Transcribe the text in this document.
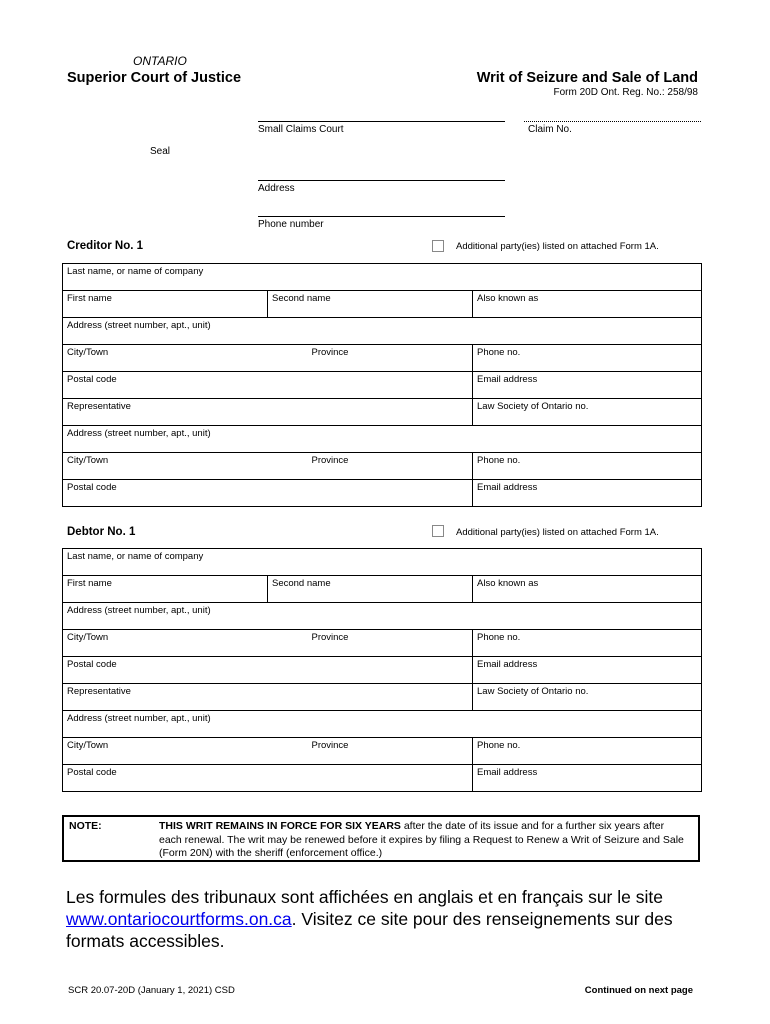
ONTARIO
Superior Court of Justice	Writ of Seizure and Sale of Land
Form 20D Ont. Reg. No.: 258/98
Small Claims Court	Claim No.
Seal
Address
Phone number
Creditor No. 1	Additional party(ies) listed on attached Form 1A.
Last name, or name of company		
First name	Second name	Also known as
Address (street number, apt., unit)		
City/Town	Province	Phone no.
Postal code		Email address
Representative		Law Society of Ontario no.
Address (street number, apt., unit)		
City/Town	Province	Phone no.
Postal code		Email address
Debtor No. 1	Additional party(ies) listed on attached Form 1A.
Last name, or name of company		
First name	Second name	Also known as
Address (street number, apt., unit)		
City/Town	Province	Phone no.
Postal code		Email address
Representative		Law Society of Ontario no.
Address (street number, apt., unit)		
City/Town	Province	Phone no.
Postal code		Email address
NOTE:	THIS WRIT REMAINS IN FORCE FOR SIX YEARS after the date of its issue and for a further six years after each renewal. The writ may be renewed before it expires by filing a Request to Renew a Writ of Seizure and Sale (Form 20N) with the sheriff (enforcement office.)
Les formules des tribunaux sont affichées en anglais et en français sur le site www.ontariocourtforms.on.ca. Visitez ce site pour des renseignements sur des formats accessibles.
SCR 20.07-20D (January 1, 2021) CSD	Continued on next page
